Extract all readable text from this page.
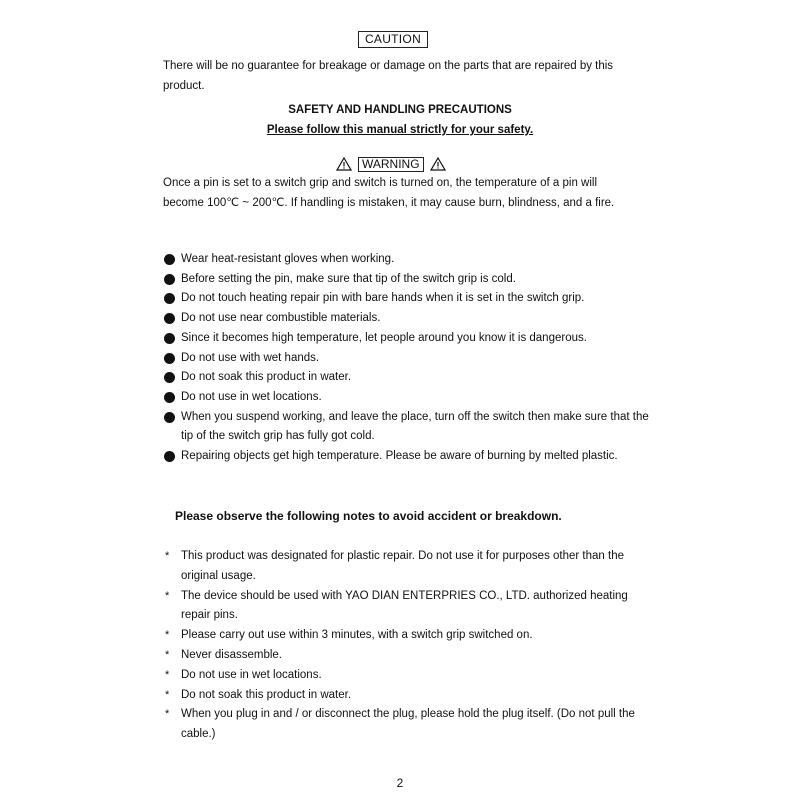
CAUTION
There will be no guarantee for breakage or damage on the parts that are repaired by this product.
SAFETY AND HANDLING PRECAUTIONS
Please follow this manual strictly for your safety.
WARNING
Once a pin is set to a switch grip and switch is turned on, the temperature of a pin will become 100℃ ~ 200℃. If handling is mistaken, it may cause burn, blindness, and a fire.
Wear heat-resistant gloves when working.
Before setting the pin, make sure that tip of the switch grip is cold.
Do not touch heating repair pin with bare hands when it is set in the switch grip.
Do not use near combustible materials.
Since it becomes high temperature, let people around you know it is dangerous.
Do not use with wet hands.
Do not soak this product in water.
Do not use in wet locations.
When you suspend working, and leave the place, turn off the switch then make sure that the tip of the switch grip has fully got cold.
Repairing objects get high temperature. Please be aware of burning by melted plastic.
Please observe the following notes to avoid accident or breakdown.
* This product was designated for plastic repair. Do not use it for purposes other than the original usage.
* The device should be used with YAO DIAN ENTERPRIES CO., LTD. authorized heating repair pins.
* Please carry out use within 3 minutes, with a switch grip switched on.
* Never disassemble.
* Do not use in wet locations.
* Do not soak this product in water.
* When you plug in and / or disconnect the plug, please hold the plug itself. (Do not pull the cable.)
2
